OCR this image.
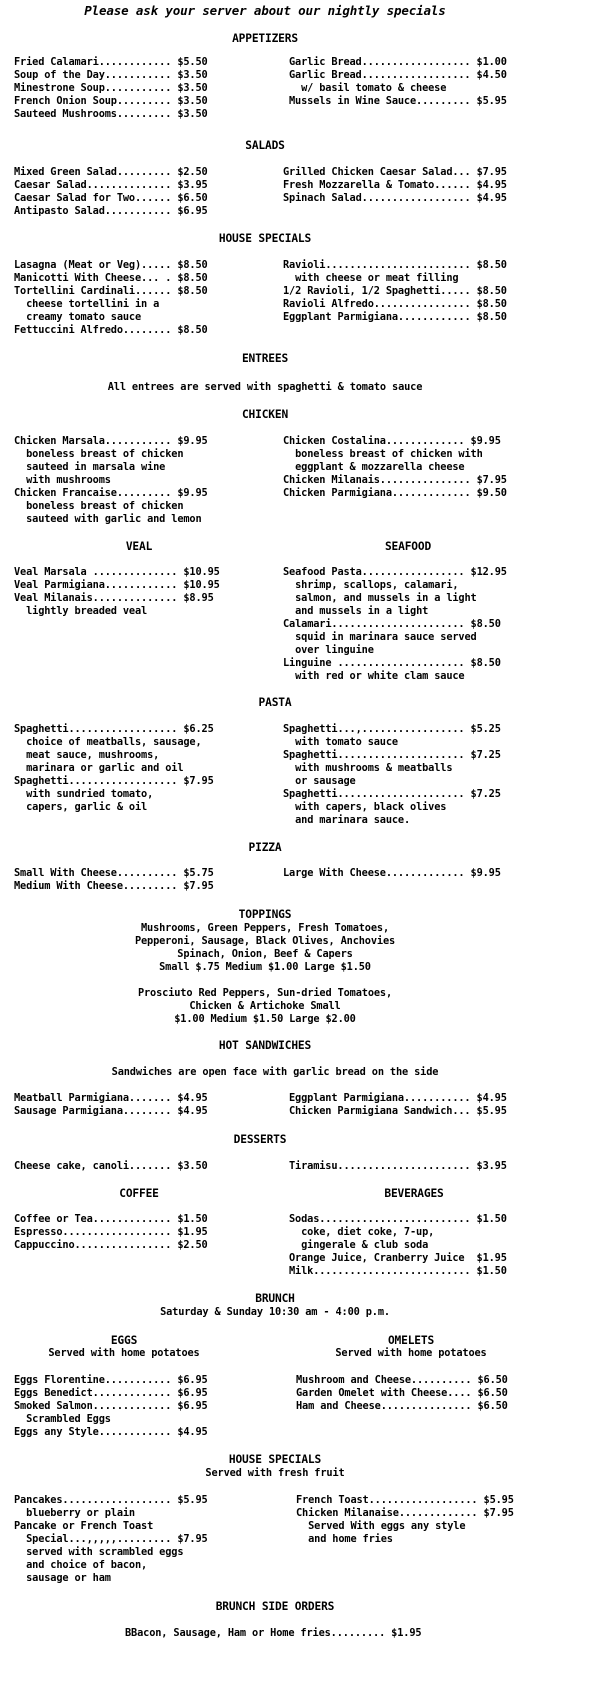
Please ask your server about our nightly specials
APPETIZERS
Fried Calamari............ $5.50
Soup of the Day........... $3.50
Minestrone Soup........... $3.50
French Onion Soup......... $3.50
Sauteed Mushrooms......... $3.50
Garlic Bread.................. $1.00
Garlic Bread.................. $4.50
w/ basil tomato & cheese
Mussels in Wine Sauce......... $5.95
SALADS
Mixed Green Salad......... $2.50
Caesar Salad.............. $3.95
Caesar Salad for Two...... $6.50
Antipasto Salad........... $6.95
Grilled Chicken Caesar Salad... $7.95
Fresh Mozzarella & Tomato...... $4.95
Spinach Salad.................. $4.95
HOUSE SPECIALS
Lasagna (Meat or Veg)..... $8.50
Manicotti With Cheese... . $8.50
Tortellini Cardinali...... $8.50
cheese tortellini in a
creamy tomato sauce
Fettuccini Alfredo........ $8.50
Ravioli........................ $8.50
with cheese or meat filling
1/2 Ravioli, 1/2 Spaghetti..... $8.50
Ravioli Alfredo................ $8.50
Eggplant Parmigiana............ $8.50
ENTREES
All entrees are served with spaghetti & tomato sauce
CHICKEN
Chicken Marsala........... $9.95
boneless breast of chicken
sauteed in marsala wine
with mushrooms
Chicken Francaise......... $9.95
boneless breast of chicken
sauteed with garlic and lemon
Chicken Costalina............. $9.95
boneless breast of chicken with
eggplant & mozzarella cheese
Chicken Milanais............... $7.95
Chicken Parmigiana............. $9.50
VEAL	SEAFOOD
Veal Marsala .............. $10.95
Veal Parmigiana............ $10.95
Veal Milanais.............. $8.95
lightly breaded veal
Seafood Pasta................. $12.95
shrimp, scallops, calamari,
salmon, and mussels in a light
and mussels in a light
Calamari...................... $8.50
squid in marinara sauce served
over linguine
Linguine ..................... $8.50
with red or white clam sauce
PASTA
Spaghetti.................. $6.25
choice of meatballs, sausage,
meat sauce, mushrooms,
marinara or garlic and oil
Spaghetti.................. $7.95
with sundried tomato,
capers, garlic & oil
Spaghetti...,................. $5.25
with tomato sauce
Spaghetti..................... $7.25
with mushrooms & meatballs
or sausage
Spaghetti..................... $7.25
with capers, black olives
and marinara sauce.
PIZZA
Small With Cheese.......... $5.75
Medium With Cheese......... $7.95
Large With Cheese............. $9.95
TOPPINGS
Mushrooms, Green Peppers, Fresh Tomatoes,
Pepperoni, Sausage, Black Olives, Anchovies
Spinach, Onion, Beef & Capers
Small $.75 Medium $1.00 Large $1.50
Prosciuto Red Peppers, Sun-dried Tomatoes,
Chicken & Artichoke Small
$1.00 Medium $1.50 Large $2.00
HOT SANDWICHES
Sandwiches are open face with garlic bread on the side
Meatball Parmigiana....... $4.95
Sausage Parmigiana........ $4.95
Eggplant Parmigiana........... $4.95
Chicken Parmigiana Sandwich... $5.95
DESSERTS
Cheese cake, canoli....... $3.50	Tiramisu...................... $3.95
COFFEE	BEVERAGES
Coffee or Tea............. $1.50
Espresso.................. $1.95
Cappuccino................ $2.50
Sodas......................... $1.50
coke, diet coke, 7-up,
gingerale & club soda
Orange Juice, Cranberry Juice  $1.95
Milk.......................... $1.50
BRUNCH
Saturday & Sunday 10:30 am - 4:00 p.m.
EGGS
Served with home potatoes
OMELETS
Served with home potatoes
Eggs Florentine........... $6.95
Eggs Benedict............. $6.95
Smoked Salmon............. $6.95
Scrambled Eggs
Eggs any Style............ $4.95
Mushroom and Cheese.......... $6.50
Garden Omelet with Cheese.... $6.50
Ham and Cheese............... $6.50
HOUSE SPECIALS
Served with fresh fruit
Pancakes.................. $5.95
blueberry or plain
Pancake or French Toast
Special...,,,,,......... $7.95
served with scrambled eggs
and choice of bacon,
sausage or ham
French Toast.................. $5.95
Chicken Milanaise............. $7.95
Served With eggs any style
and home fries
BRUNCH SIDE ORDERS
BBacon, Sausage, Ham or Home fries......... $1.95
